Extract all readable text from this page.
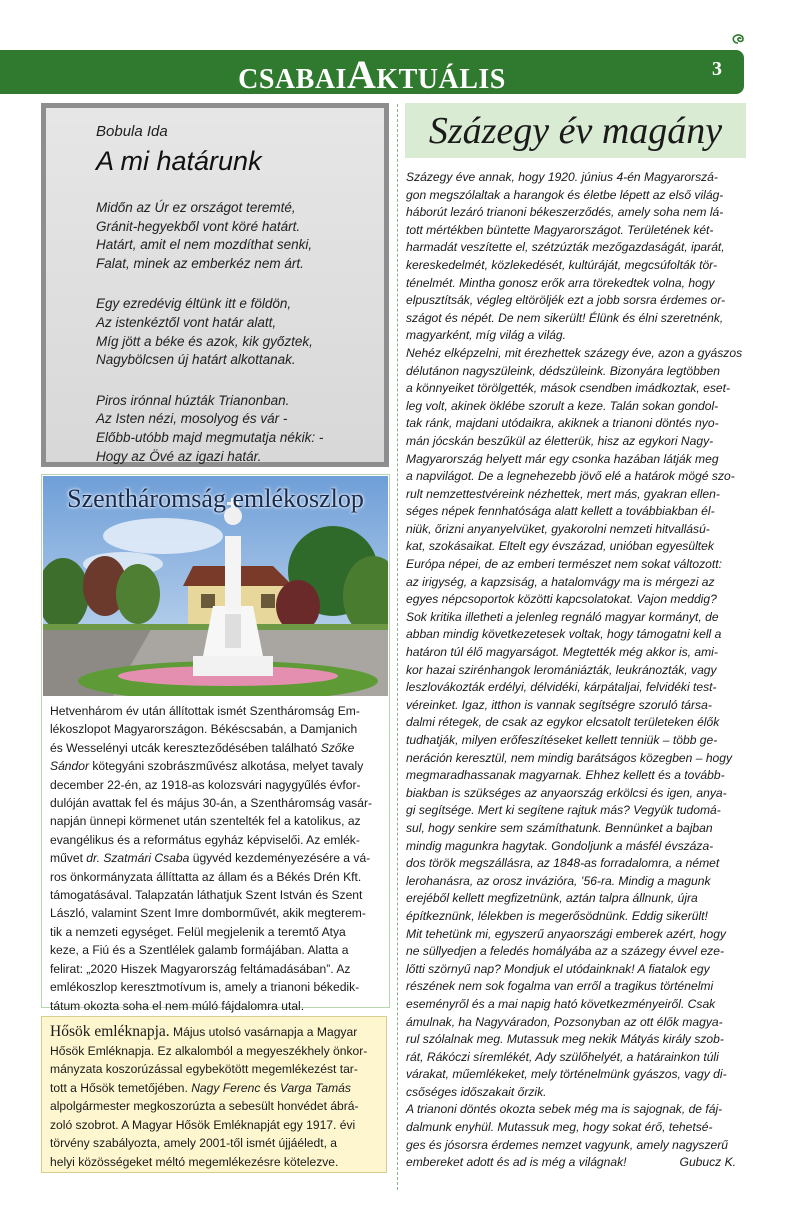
CSABAIAKTUÁLIS	3
Bobula Ida
A mi határunk
Midőn az Úr ez országot teremté,
Gránit-hegyekből vont köré határt.
Határt, amit el nem mozdíthat senki,
Falat, minek az emberkéz nem árt.
Egy ezredévig éltünk itt e földön,
Az istenkéztől vont határ alatt,
Míg jött a béke és azok, kik győztek,
Nagybölcsen új határt alkottanak.
Piros irónnal húzták Trianonban.
Az Isten nézi, mosolyog és vár -
Előbb-utóbb majd megmutatja nékik: -
Hogy az Övé az igazi határ.
Szentháromság emlékoszlop
Hetvenhárom év után állítottak ismét Szentháromság Em-
lékoszlopot Magyarországon. Békéscsabán, a Damjanich
és Wesselényi utcák kereszteződésében található Szőke
Sándor kötegyáni szobrászművész alkotása, melyet tavaly
december 22-én, az 1918-as kolozsvári nagygyűlés évfor-
dulóján avattak fel és május 30-án, a Szentháromság vasár-
napján ünnepi körmenet után szentelték fel a katolikus, az
evangélikus és a református egyház képviselői. Az emlék-
művet dr. Szatmári Csaba ügyvéd kezdeményezésére a vá-
ros önkormányzata állíttatta az állam és a Békés Drén Kft.
támogatásával. Talapzatán láthatjuk Szent István és Szent
László, valamint Szent Imre domborművét, akik megterem-
tik a nemzeti egységet. Felül megjelenik a teremtő Atya
keze, a Fiú és a Szentlélek galamb formájában. Alatta a
felirat: „2020 Hiszek Magyarország feltámadásában”. Az
emlékoszlop keresztmotívum is, amely a trianoni békedik-
tátum okozta soha el nem múló fájdalomra utal.
Hősök emléknapja. Május utolsó vasárnapja a Magyar
Hősök Emléknapja. Ez alkalomból a megyeszékhely önkor-
mányzata koszorúzással egybekötött megemlékezést tar-
tott a Hősök temetőjében. Nagy Ferenc és Varga Tamás
alpolgármester megkoszorúzta a sebesült honvédet ábrá-
zoló szobrot. A Magyar Hősök Emléknapját egy 1917. évi
törvény szabályozta, amely 2001-től ismét újjáéledt, a
helyi közösségeket méltó megemlékezésre kötelezve.
Százegy év magány
Százegy éve annak, hogy 1920. június 4-én Magyarorszá-
gon megszólaltak a harangok és életbe lépett az első világ-
háborút lezáró trianoni békeszerződés, amely soha nem lá-
tott mértékben büntette Magyarországot. Területének két-
harmadát veszítette el, szétzúzták mezőgazdaságát, iparát,
kereskedelmét, közlekedését, kultúráját, megcsúfolták tör-
ténelmét. Mintha gonosz erők arra törekedtek volna, hogy
elpusztítsák, végleg eltöröljék ezt a jobb sorsra érdemes or-
szágot és népét. De nem sikerült! Élünk és élni szeretnénk,
magyarként, míg világ a világ.
Nehéz elképzelni, mit érezhettek százegy éve, azon a gyászos
délutánon nagyszüleink, dédszüleink. Bizonyára legtöbben
a könnyeiket törölgették, mások csendben imádkoztak, eset-
leg volt, akinek öklébe szorult a keze. Talán sokan gondol-
tak ránk, majdani utódaikra, akiknek a trianoni döntés nyo-
mán jócskán beszűkül az életterük, hisz az egykori Nagy-
Magyarország helyett már egy csonka hazában látják meg
a napvilágot. De a legnehezebb jövő elé a határok mögé szo-
rult nemzettestvéreink nézhettek, mert más, gyakran ellen-
séges népek fennhatósága alatt kellett a továbbiakban él-
niük, őrizni anyanyelvüket, gyakorolni nemzeti hitvallású-
kat, szokásaikat. Eltelt egy évszázad, unióban egyesültek
Európa népei, de az emberi természet nem sokat változott:
az irigység, a kapzsiság, a hatalomvágy ma is mérgezi az
egyes népcsoportok közötti kapcsolatokat. Vajon meddig?
Sok kritika illetheti a jelenleg regnáló magyar kormányt, de
abban mindig következetesek voltak, hogy támogatni kell a
határon túl élő magyarságot. Megtették még akkor is, ami-
kor hazai szirénhangok leromániázták, leukránozták, vagy
leszlovákozták erdélyi, délvidéki, kárpátaljai, felvidéki test-
véreinket. Igaz, itthon is vannak segítségre szoruló társa-
dalmi rétegek, de csak az egykor elcsatolt területeken élők
tudhatják, milyen erőfeszítéseket kellett tenniük – több ge-
neráción keresztül, nem mindig barátságos közegben – hogy
megmaradhassanak magyarnak. Ehhez kellett és a tovább-
biakban is szükséges az anyaország erkölcsi és igen, anya-
gi segítsége. Mert ki segítene rajtuk más? Vegyük tudomá-
sul, hogy senkire sem számíthatunk. Bennünket a bajban
mindig magunkra hagytak. Gondoljunk a másfél évszáza-
dos török megszállásra, az 1848-as forradalomra, a német
lerohanásra, az orosz invázióra, ’56-ra. Mindig a magunk
erejéből kellett megfizetnünk, aztán talpra állnunk, újra
építkeznünk, lélekben is megerősödnünk. Eddig sikerült!
Mit tehetünk mi, egyszerű anyaországi emberek azért, hogy
ne süllyedjen a feledés homályába az a százegy évvel eze-
lőtti szörnyű nap? Mondjuk el utódainknak! A fiatalok egy
részének nem sok fogalma van erről a tragikus történelmi
eseményről és a mai napig ható következményeiről. Csak
ámulnak, ha Nagyváradon, Pozsonyban az ott élők magya-
rul szólalnak meg. Mutassuk meg nekik Mátyás király szob-
rát, Rákóczi síremlékét, Ady szülőhelyét, a határainkon túli
várakat, műemlékeket, mely történelmünk gyászos, vagy di-
csőséges időszakait őrzik.
A trianoni döntés okozta sebek még ma is sajognak, de fáj-
dalmunk enyhül. Mutassuk meg, hogy sokat érő, tehetsé-
ges és jósorsra érdemes nemzet vagyunk, amely nagyszerű
Gubucz K.
embereket adott és ad is még a világnak!
